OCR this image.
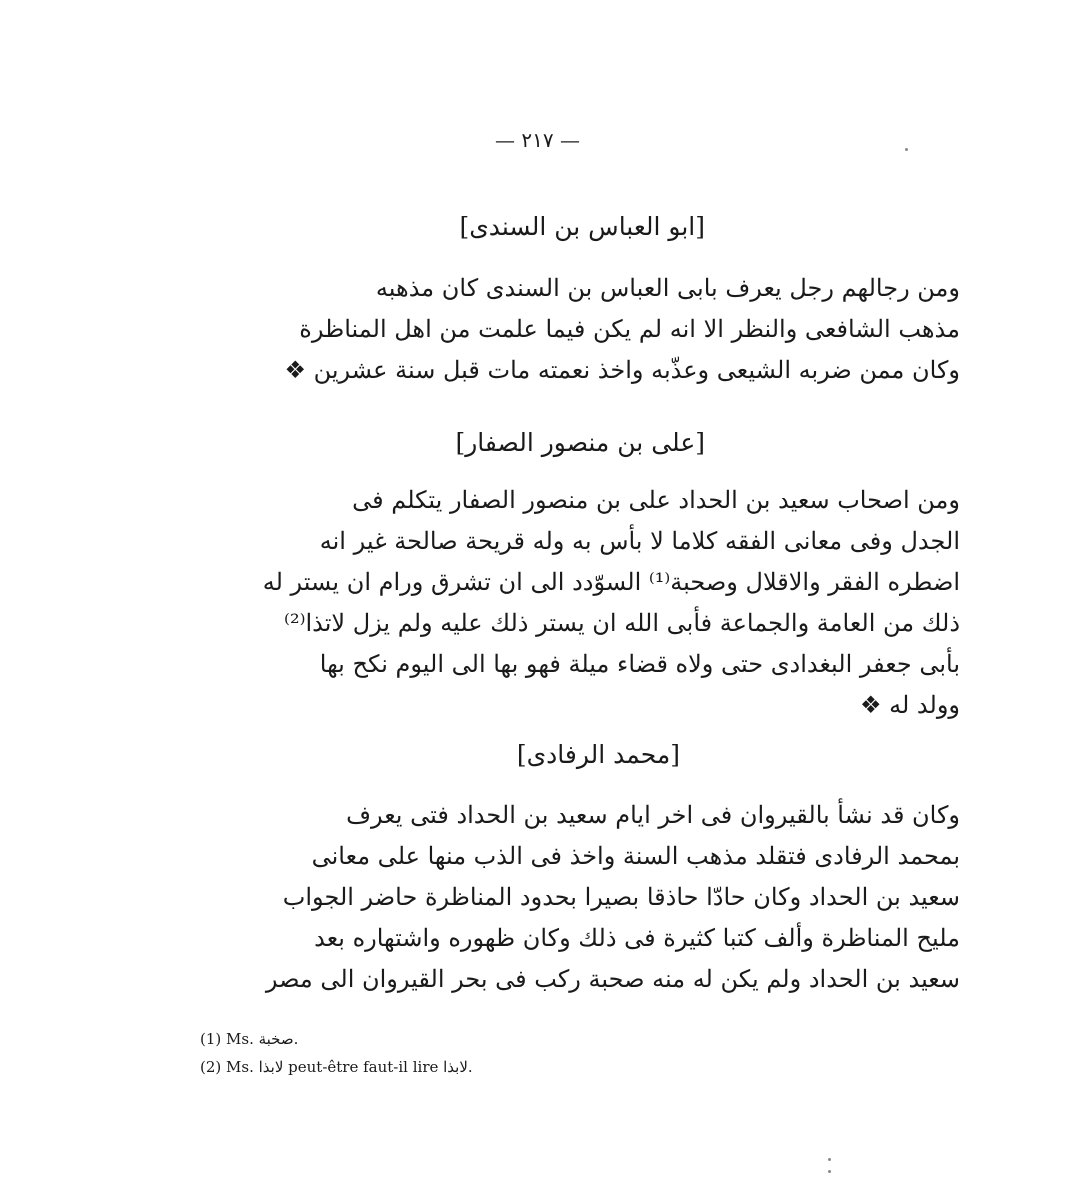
— ٢١٧ —
[ابو العباس بن السندى]

ومن رجالهم رجل يعرف بابى العباس بن السندى كان مذهبه

مذهب الشافعى والنظر الا انه لم يكن فيما علمت من اهل المناظرة

وكان ممن ضربه الشيعى وعذّبه واخذ نعمته مات قبل سنة عشرين ❖

[على بن منصور الصفار]

ومن اصحاب سعيد بن الحداد على بن منصور الصفار يتكلم فى

الجدل وفى معانى الفقه كلاما لا بأس به وله قريحة صالحة غير انه

اضطره الفقر والاقلال وصحبة⁽¹⁾ السوّدد الى ان تشرق ورام ان يستر له

ذلك من العامة والجماعة فأبى الله ان يستر ذلك عليه ولم يزل لاتذا⁽²⁾

بأبى جعفر البغدادى حتى ولاه قضاء ميلة فهو بها الى اليوم نكح بها

وولد له ❖

[محمد الرفادى]

وكان قد نشأ بالقيروان فى اخر ايام سعيد بن الحداد فتى يعرف

بمحمد الرفادى فتقلد مذهب السنة واخذ فى الذب منها على معانى

سعيد بن الحداد وكان حادّا حاذقا بصيرا بحدود المناظرة حاضر الجواب

مليح المناظرة وألف كتبا كثيرة فى ذلك وكان ظهوره واشتهاره بعد

سعيد بن الحداد ولم يكن له منه صحبة ركب فى بحر القيروان الى مصر

(1) Ms. صخبة.
(2) Ms. لابذا peut-être faut-il lire لابذا.
